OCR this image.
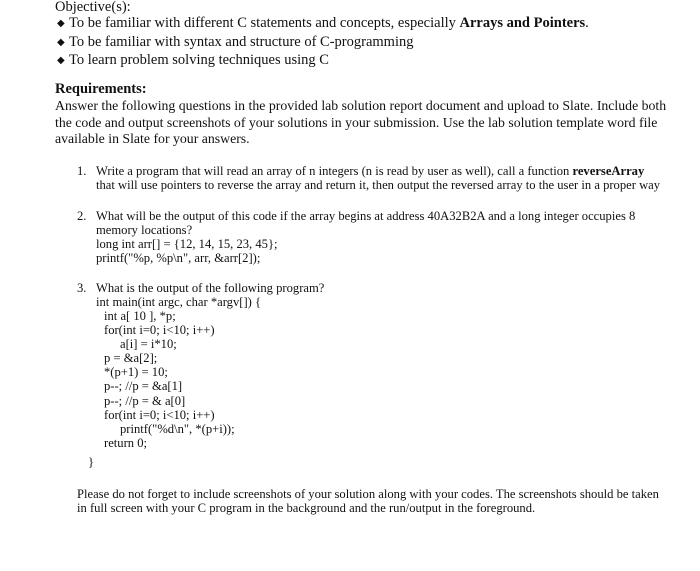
Objective(s):
◆ To be familiar with different C statements and concepts, especially Arrays and Pointers.
◆ To be familiar with syntax and structure of C-programming
◆ To learn problem solving techniques using C
Requirements:
Answer the following questions in the provided lab solution report document and upload to Slate. Include both
the code and output screenshots of your solutions in your submission. Use the lab solution template word file
available in Slate for your answers.
1. Write a program that will read an array of n integers (n is read by user as well), call a function reverseArray
that will use pointers to reverse the array and return it, then output the reversed array to the user in a proper way
2. What will be the output of this code if the array begins at address 40A32B2A and a long integer occupies 8
memory locations?
long int arr[] = {12, 14, 15, 23, 45};
printf("%p, %p\n", arr, &arr[2]);
3. What is the output of the following program?
int main(int argc, char *argv[]) {
int a[ 10 ], *p;
for(int i=0; i<10; i++)
a[i] = i*10;
p = &a[2];
*(p+1) = 10;
p--; //p = &a[1]
p--; //p = & a[0]
for(int i=0; i<10; i++)
printf("%d\n", *(p+i));
return 0;
}
Please do not forget to include screenshots of your solution along with your codes. The screenshots should be taken
in full screen with your C program in the background and the run/output in the foreground.
